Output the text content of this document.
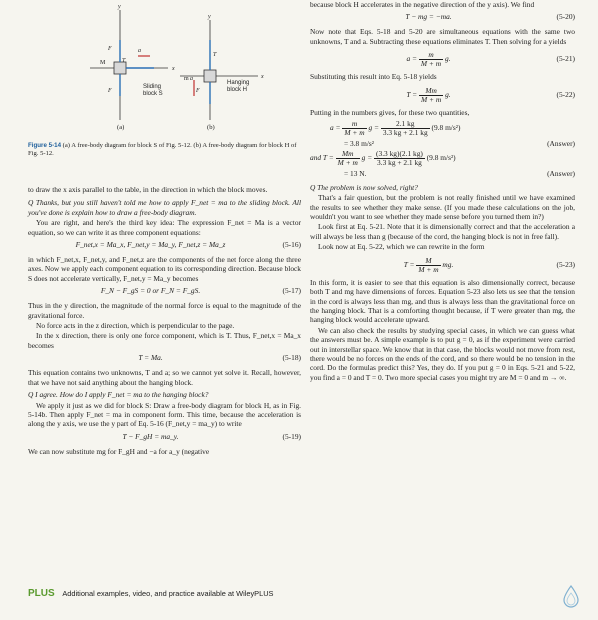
M
F
F
a
T
x
y
T
F
a
y
x
m
Sliding
block S
Hanging
block H
(a)	(b)

Figure 5-14 (a) A free-body diagram for block S of Fig. 5-12. (b) A free-body diagram for block H of Fig. 5-12.

to draw the x axis parallel to the table, in the direction in which the block moves.

Q Thanks, but you still haven't told me how to apply F_net = ma to the sliding block. All you've done is explain how to draw a free-body diagram.

You are right, and here's the third key idea: The expression F_net = Ma is a vector equation, so we can write it as three component equations:

F_net,x = Ma_x, F_net,y = Ma_y, F_net,z = Ma_z	(5-16)

in which F_net,x, F_net,y, and F_net,z are the components of the net force along the three axes. Now we apply each component equation to its corresponding direction. Because block S does not accelerate vertically, F_net,y = Ma_y becomes

F_N − F_gS = 0 or F_N = F_gS.	(5-17)

Thus in the y direction, the magnitude of the normal force is equal to the magnitude of the gravitational force.

No force acts in the z direction, which is perpendicular to the page.

In the x direction, there is only one force component, which is T. Thus, F_net,x = Ma_x becomes

T = Ma.	(5-18)

This equation contains two unknowns, T and a; so we cannot yet solve it. Recall, however, that we have not said anything about the hanging block.

Q I agree. How do I apply F_net = ma to the hanging block?

We apply it just as we did for block S: Draw a free-body diagram for block H, as in Fig. 5-14b. Then apply F_net = ma in component form. This time, because the acceleration is along the y axis, we use the y part of Eq. 5-16 (F_net,y = ma_y) to write

T − F_gH = ma_y.	(5-19)

We can now substitute mg for F_gH and −a for a_y (negative

because block H accelerates in the negative direction of the y axis). We find

T − mg = −ma.	(5-20)

Now note that Eqs. 5-18 and 5-20 are simultaneous equations with the same two unknowns, T and a. Subtracting these equations eliminates T. Then solving for a yields

$a = \frac{m}{M + m} g$.	(5-21)

Substituting this result into Eq. 5-18 yields

$T = \frac{Mm}{M + m} g$.	(5-22)

Putting in the numbers gives, for these two quantities,

$a = \frac{m}{M + m}$ $g = \frac{2.1 kg}{3.3 kg + 2.1 kg} (9.8$ m/s²)
= 3.8 m/s²	(Answer)
and $T = \frac{Mm}{M + m}$ $g = \frac{(3.3 kg)(2.1 kg)}{3.3 kg + 2.1 kg} (9.8$ m/s²)
= 13 N.	(Answer)

Q The problem is now solved, right?

That's a fair question, but the problem is not really finished until we have examined the results to see whether they make sense. (If you made these calculations on the job, wouldn't you want to see whether they made sense before you turned them in?)

Look first at Eq. 5-21. Note that it is dimensionally correct and that the acceleration a will always be less than g (because of the cord, the hanging block is not in free fall).

Look now at Eq. 5-22, which we can rewrite in the form

$T = \frac{M}{M + m}$ mg.	(5-23)

In this form, it is easier to see that this equation is also dimensionally correct, because both T and mg have dimensions of forces. Equation 5-23 also lets us see that the tension in the cord is always less than mg, and thus is always less than the gravitational force on the hanging block. That is a comforting thought because, if T were greater than mg, the hanging block would accelerate upward.

We can also check the results by studying special cases, in which we can guess what the answers must be. A simple example is to put g = 0, as if the experiment were carried out in interstellar space. We know that in that case, the blocks would not move from rest, there would be no forces on the ends of the cord, and so there would be no tension in the cord. Do the formulas predict this? Yes, they do. If you put g = 0 in Eqs. 5-21 and 5-22, you find a = 0 and T = 0. Two more special cases you might try are M = 0 and m → ∞.

PLUS Additional examples, video, and practice available at WileyPLUS
